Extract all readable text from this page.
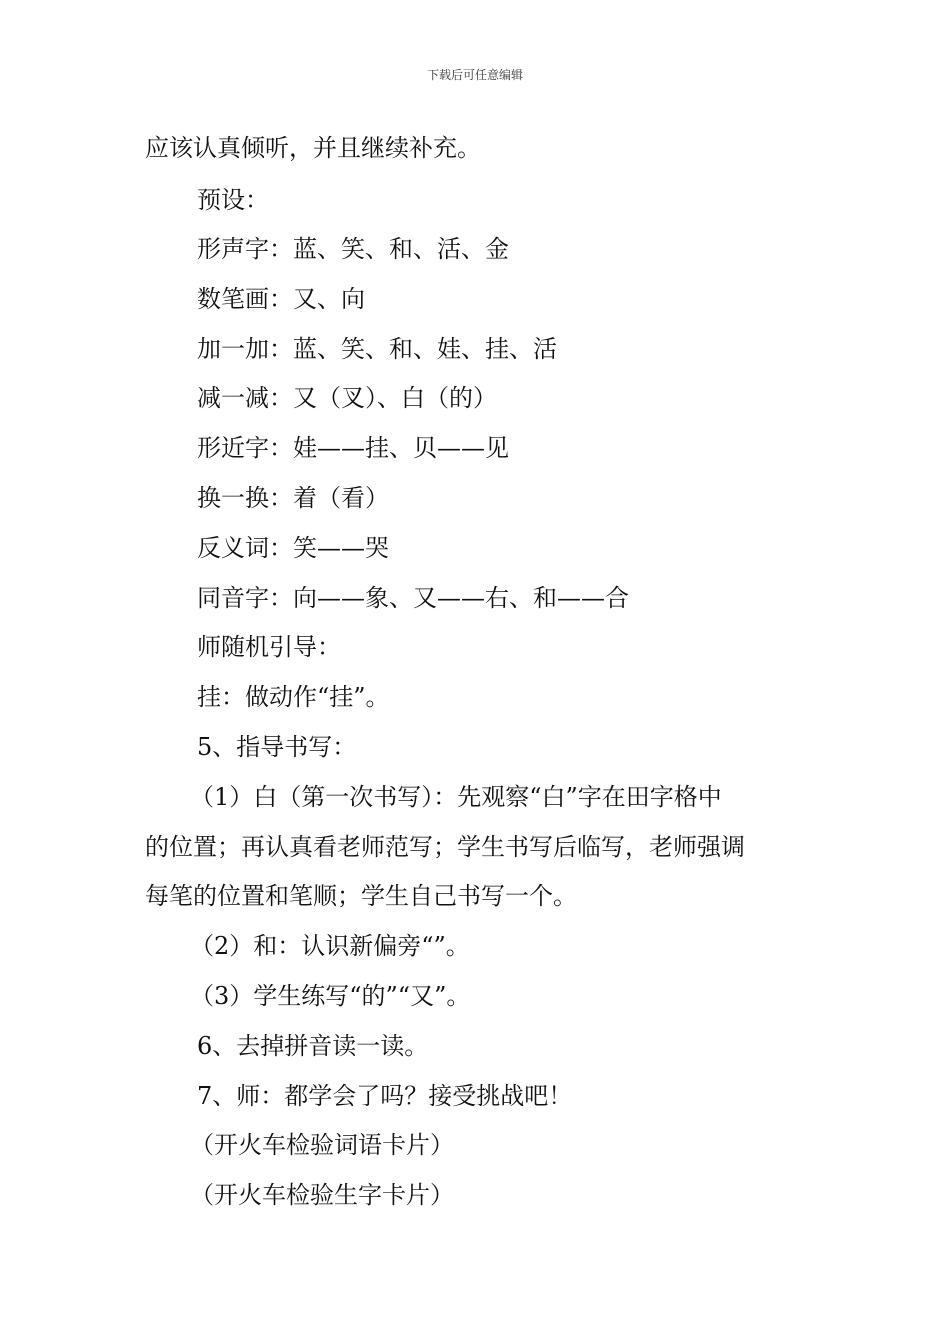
下载后可任意编辑
应该认真倾听，并且继续补充。
预设：
形声字：蓝、笑、和、活、金
数笔画：又、向
加一加：蓝、笑、和、娃、挂、活
减一减：又（叉）、白（的）
形近字：娃——挂、贝——见
换一换：着（看）
反义词：笑——哭
同音字：向——象、又——右、和——合
师随机引导：
挂：做动作“挂”。
5、指导书写：
（1）白（第一次书写）：先观察“白”字在田字格中
的位置；再认真看老师范写；学生书写后临写，老师强调
每笔的位置和笔顺；学生自己书写一个。
（2）和：认识新偏旁“”。
（3）学生练写“的”“又”。
6、去掉拼音读一读。
7、师：都学会了吗？接受挑战吧！
（开火车检验词语卡片）
（开火车检验生字卡片）
